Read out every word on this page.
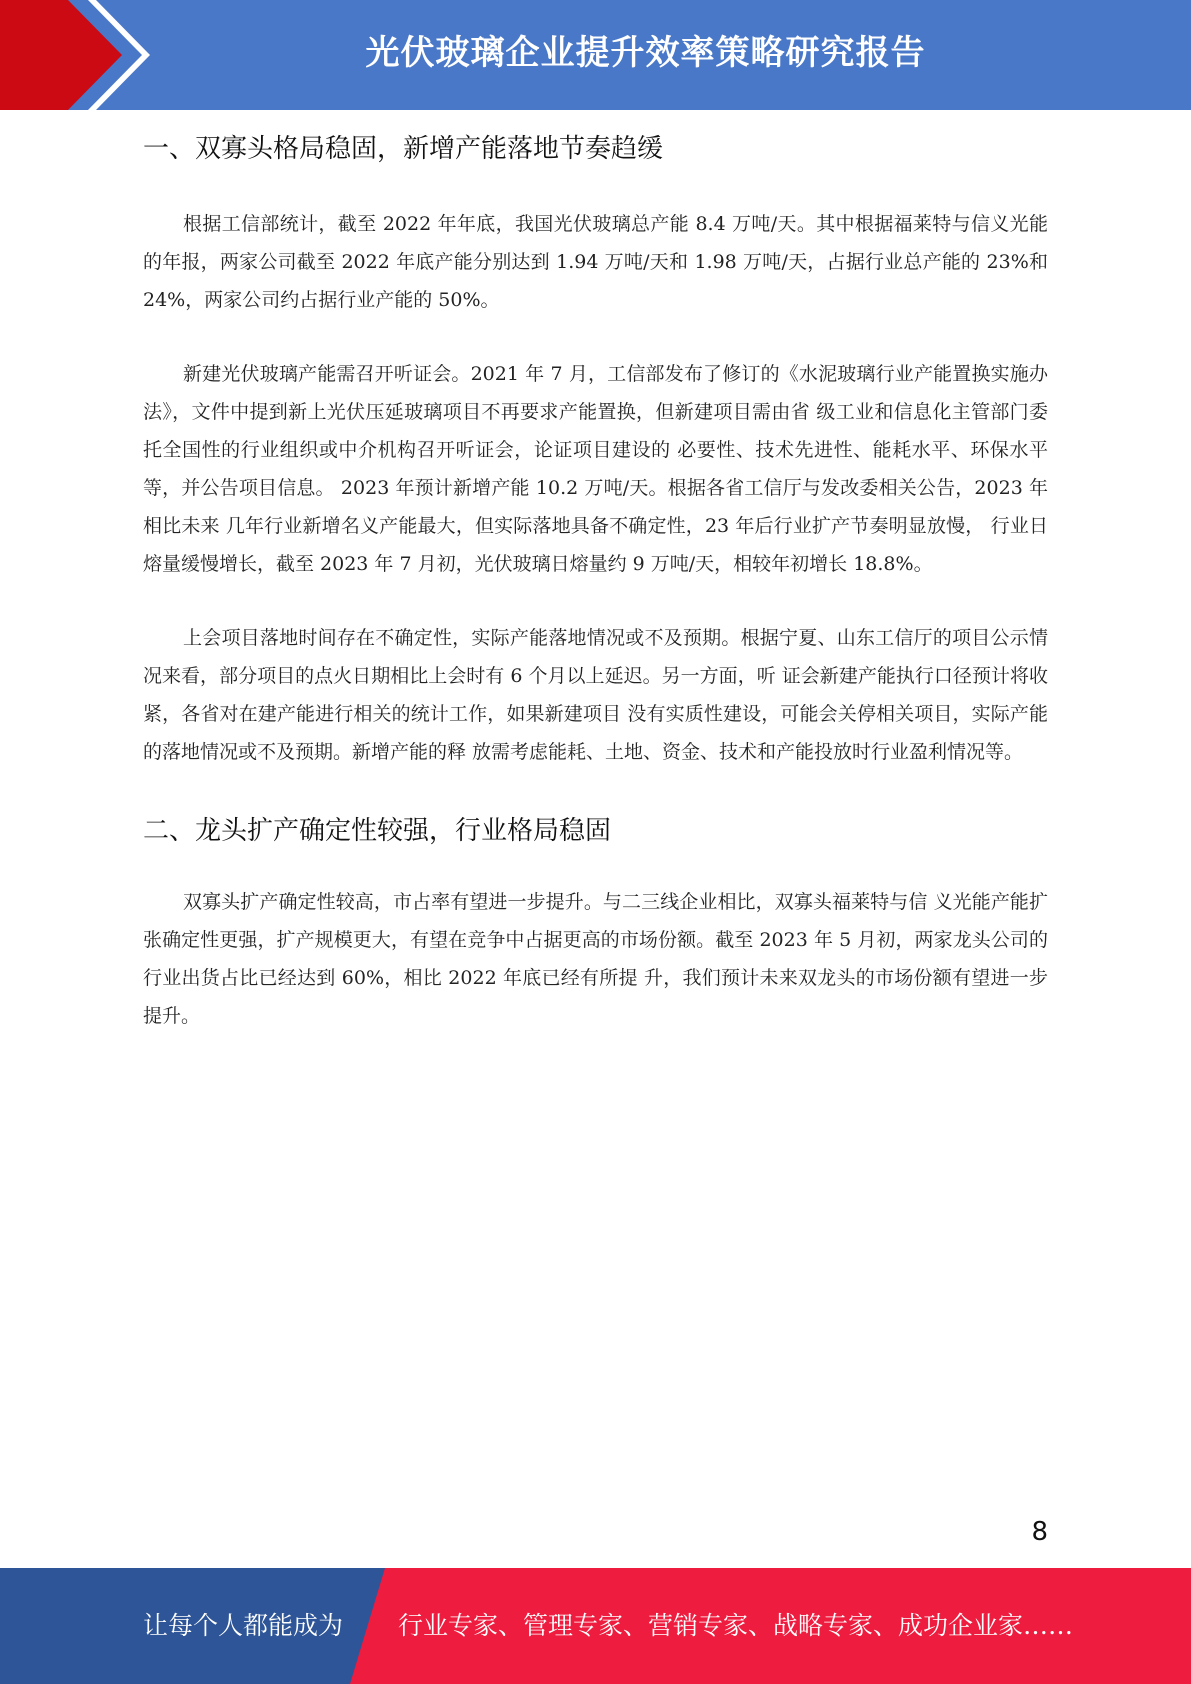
光伏玻璃企业提升效率策略研究报告
一、双寡头格局稳固，新增产能落地节奏趋缓

根据工信部统计，截至 2022 年年底，我国光伏玻璃总产能 8.4 万吨/天。其中根据福莱特与信义光能的年报，两家公司截至 2022 年底产能分别达到 1.94 万吨/天和 1.98 万吨/天，占据行业总产能的 23%和 24%，两家公司约占据行业产能的 50%。

新建光伏玻璃产能需召开听证会。2021 年 7 月，工信部发布了修订的《水泥玻璃行业产能置换实施办法》，文件中提到新上光伏压延玻璃项目不再要求产能置换，但新建项目需由省 级工业和信息化主管部门委托全国性的行业组织或中介机构召开听证会，论证项目建设的 必要性、技术先进性、能耗水平、环保水平等，并公告项目信息。 2023 年预计新增产能 10.2 万吨/天。根据各省工信厅与发改委相关公告，2023 年相比未来 几年行业新增名义产能最大，但实际落地具备不确定性，23 年后行业扩产节奏明显放慢， 行业日熔量缓慢增长，截至 2023 年 7 月初，光伏玻璃日熔量约 9 万吨/天，相较年初增长 18.8%。

上会项目落地时间存在不确定性，实际产能落地情况或不及预期。根据宁夏、山东工信厅的项目公示情况来看，部分项目的点火日期相比上会时有 6 个月以上延迟。另一方面，听 证会新建产能执行口径预计将收紧，各省对在建产能进行相关的统计工作，如果新建项目 没有实质性建设，可能会关停相关项目，实际产能的落地情况或不及预期。新增产能的释 放需考虑能耗、土地、资金、技术和产能投放时行业盈利情况等。

二、龙头扩产确定性较强，行业格局稳固

双寡头扩产确定性较高，市占率有望进一步提升。与二三线企业相比，双寡头福莱特与信 义光能产能扩张确定性更强，扩产规模更大，有望在竞争中占据更高的市场份额。截至 2023 年 5 月初，两家龙头公司的行业出货占比已经达到 60%，相比 2022 年底已经有所提 升，我们预计未来双龙头的市场份额有望进一步提升。

8
让每个人都能成为 行业专家、管理专家、营销专家、战略专家、成功企业家……
